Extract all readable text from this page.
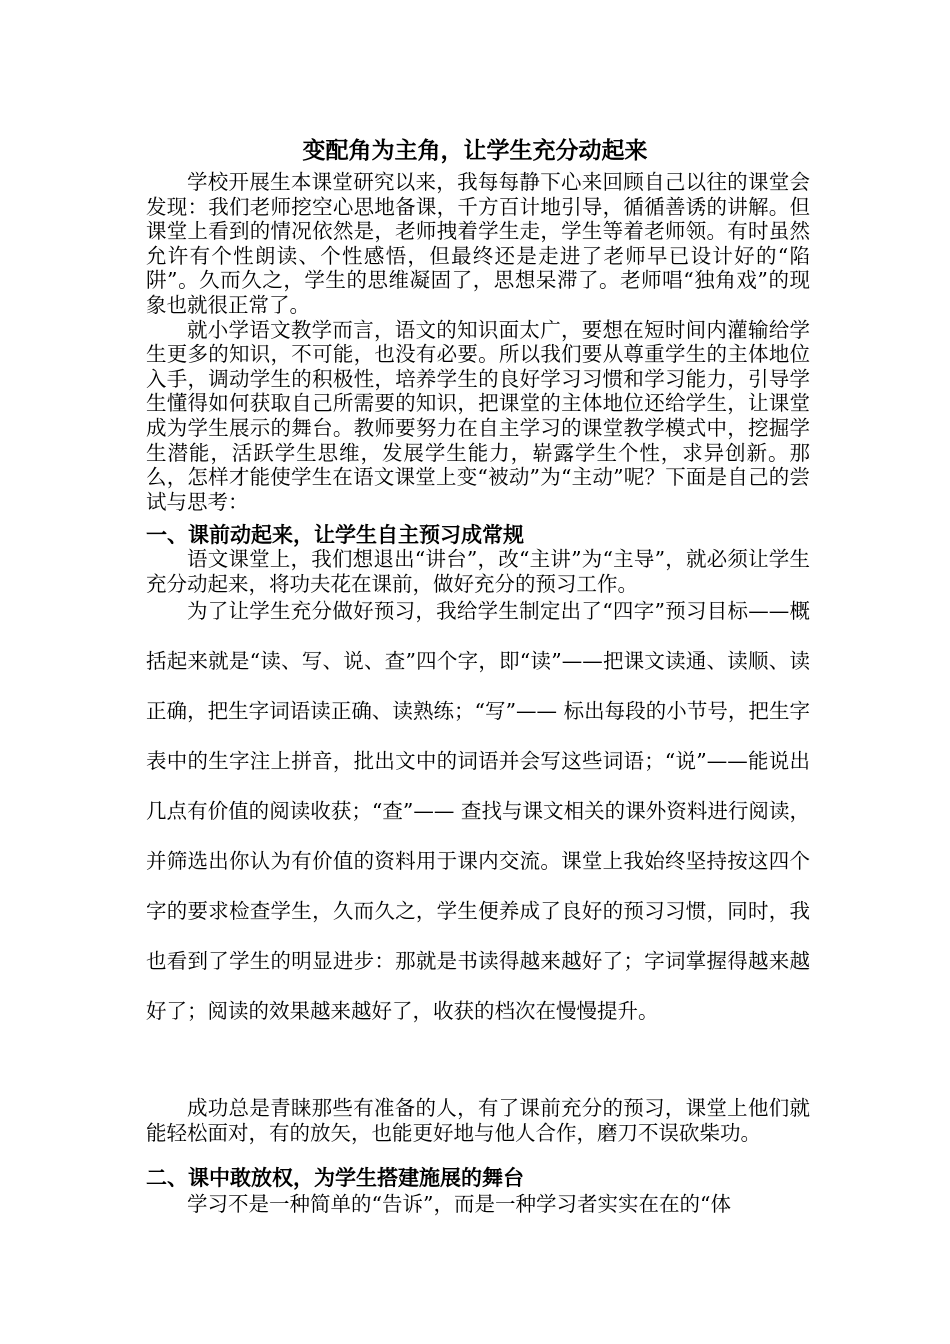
变配角为主角，让学生充分动起来

学校开展生本课堂研究以来，我每每静下心来回顾自己以往的课堂会发现：我们老师挖空心思地备课，千方百计地引导，循循善诱的讲解。但课堂上看到的情况依然是，老师拽着学生走，学生等着老师领。有时虽然允许有个性朗读、个性感悟，但最终还是走进了老师早已设计好的“陷阱”。久而久之，学生的思维凝固了，思想呆滞了。老师唱“独角戏”的现象也就很正常了。

就小学语文教学而言，语文的知识面太广，要想在短时间内灌输给学生更多的知识，不可能，也没有必要。所以我们要从尊重学生的主体地位入手，调动学生的积极性，培养学生的良好学习习惯和学习能力，引导学生懂得如何获取自己所需要的知识，把课堂的主体地位还给学生，让课堂成为学生展示的舞台。教师要努力在自主学习的课堂教学模式中，挖掘学生潜能，活跃学生思维，发展学生能力，崭露学生个性，求异创新。那么，怎样才能使学生在语文课堂上变“被动”为“主动”呢？下面是自己的尝试与思考：

一、课前动起来，让学生自主预习成常规

语文课堂上，我们想退出“讲台”，改“主讲”为“主导”，就必须让学生充分动起来，将功夫花在课前，做好充分的预习工作。

为了让学生充分做好预习，我给学生制定出了“四字”预习目标——概括起来就是“读、写、说、查”四个字，即“读”——把课文读通、读顺、读正确，把生字词语读正确、读熟练；“写”—— 标出每段的小节号，把生字表中的生字注上拼音，批出文中的词语并会写这些词语；“说”——能说出几点有价值的阅读收获；“查”—— 查找与课文相关的课外资料进行阅读，并筛选出你认为有价值的资料用于课内交流。课堂上我始终坚持按这四个字的要求检查学生，久而久之，学生便养成了良好的预习习惯，同时，我也看到了学生的明显进步：那就是书读得越来越好了；字词掌握得越来越好了；阅读的效果越来越好了，收获的档次在慢慢提升。

成功总是青睐那些有准备的人，有了课前充分的预习，课堂上他们就能轻松面对，有的放矢，也能更好地与他人合作，磨刀不误砍柴功。

二、课中敢放权，为学生搭建施展的舞台

学习不是一种简单的“告诉”，而是一种学习者实实在在的“体
